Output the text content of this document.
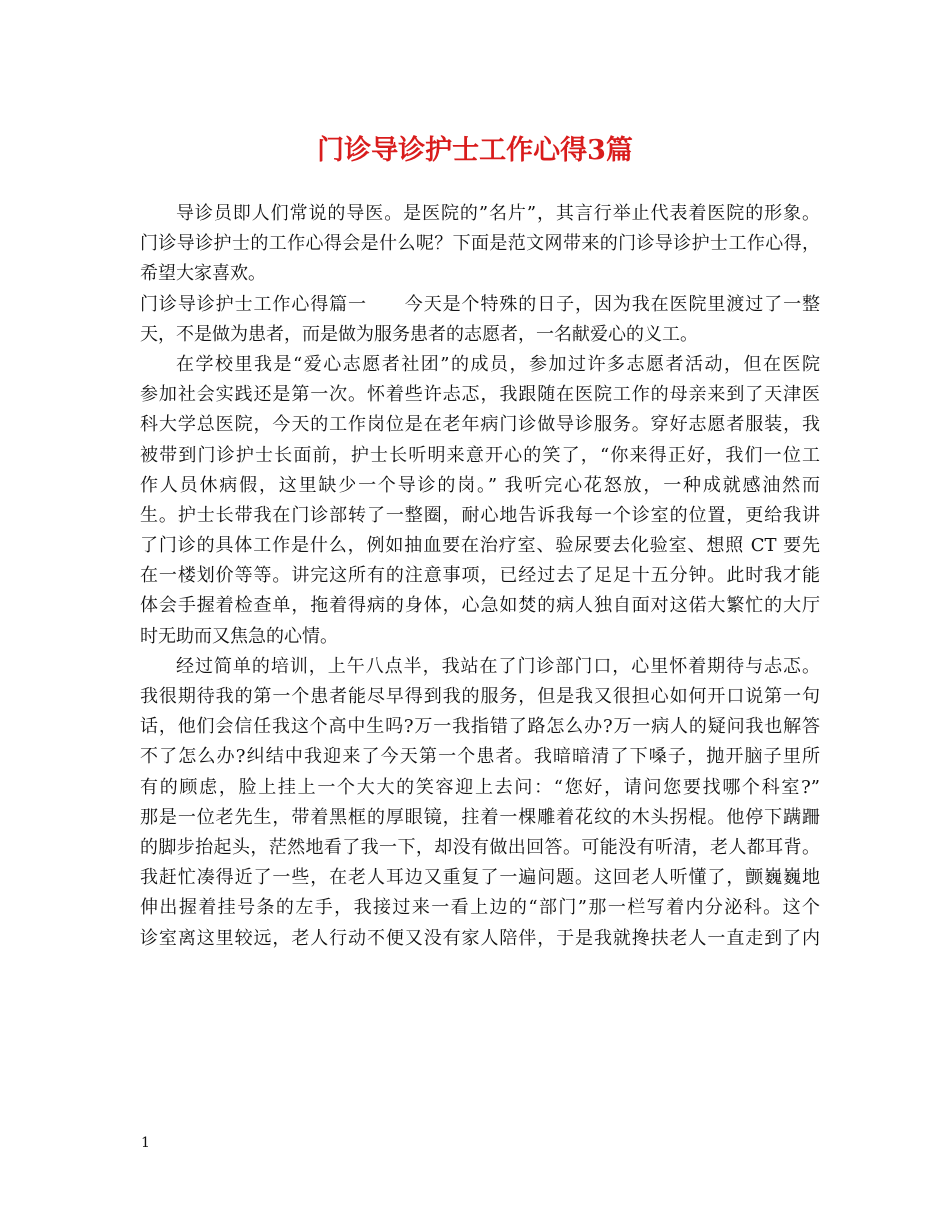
门诊导诊护士工作心得3篇
导诊员即人们常说的导医。是医院的”名片”，其言行举止代表着医院的形象。
门诊导诊护士的工作心得会是什么呢？下面是范文网带来的门诊导诊护士工作心得，
希望大家喜欢。
门诊导诊护士工作心得篇一　　今天是个特殊的日子，因为我在医院里渡过了一整
天，不是做为患者，而是做为服务患者的志愿者，一名献爱心的义工。
在学校里我是“爱心志愿者社团”的成员，参加过许多志愿者活动，但在医院
参加社会实践还是第一次。怀着些许忐忑，我跟随在医院工作的母亲来到了天津医
科大学总医院，今天的工作岗位是在老年病门诊做导诊服务。穿好志愿者服装，我
被带到门诊护士长面前，护士长听明来意开心的笑了，“你来得正好，我们一位工
作人员休病假，这里缺少一个导诊的岗。” 我听完心花怒放，一种成就感油然而
生。护士长带我在门诊部转了一整圈，耐心地告诉我每一个诊室的位置，更给我讲
了门诊的具体工作是什么，例如抽血要在治疗室、验尿要去化验室、想照 CT 要先
在一楼划价等等。讲完这所有的注意事项，已经过去了足足十五分钟。此时我才能
体会手握着检查单，拖着得病的身体，心急如焚的病人独自面对这偌大繁忙的大厅
时无助而又焦急的心情。
经过简单的培训，上午八点半，我站在了门诊部门口，心里怀着期待与忐忑。
我很期待我的第一个患者能尽早得到我的服务，但是我又很担心如何开口说第一句
话，他们会信任我这个高中生吗?万一我指错了路怎么办?万一病人的疑问我也解答
不了怎么办?纠结中我迎来了今天第一个患者。我暗暗清了下嗓子，抛开脑子里所
有的顾虑，脸上挂上一个大大的笑容迎上去问：“您好，请问您要找哪个科室?”
那是一位老先生，带着黑框的厚眼镜，拄着一棵雕着花纹的木头拐棍。他停下蹒跚
的脚步抬起头，茫然地看了我一下，却没有做出回答。可能没有听清，老人都耳背。
我赶忙凑得近了一些，在老人耳边又重复了一遍问题。这回老人听懂了，颤巍巍地
伸出握着挂号条的左手，我接过来一看上边的“部门”那一栏写着内分泌科。这个
诊室离这里较远，老人行动不便又没有家人陪伴，于是我就搀扶老人一直走到了内
1
